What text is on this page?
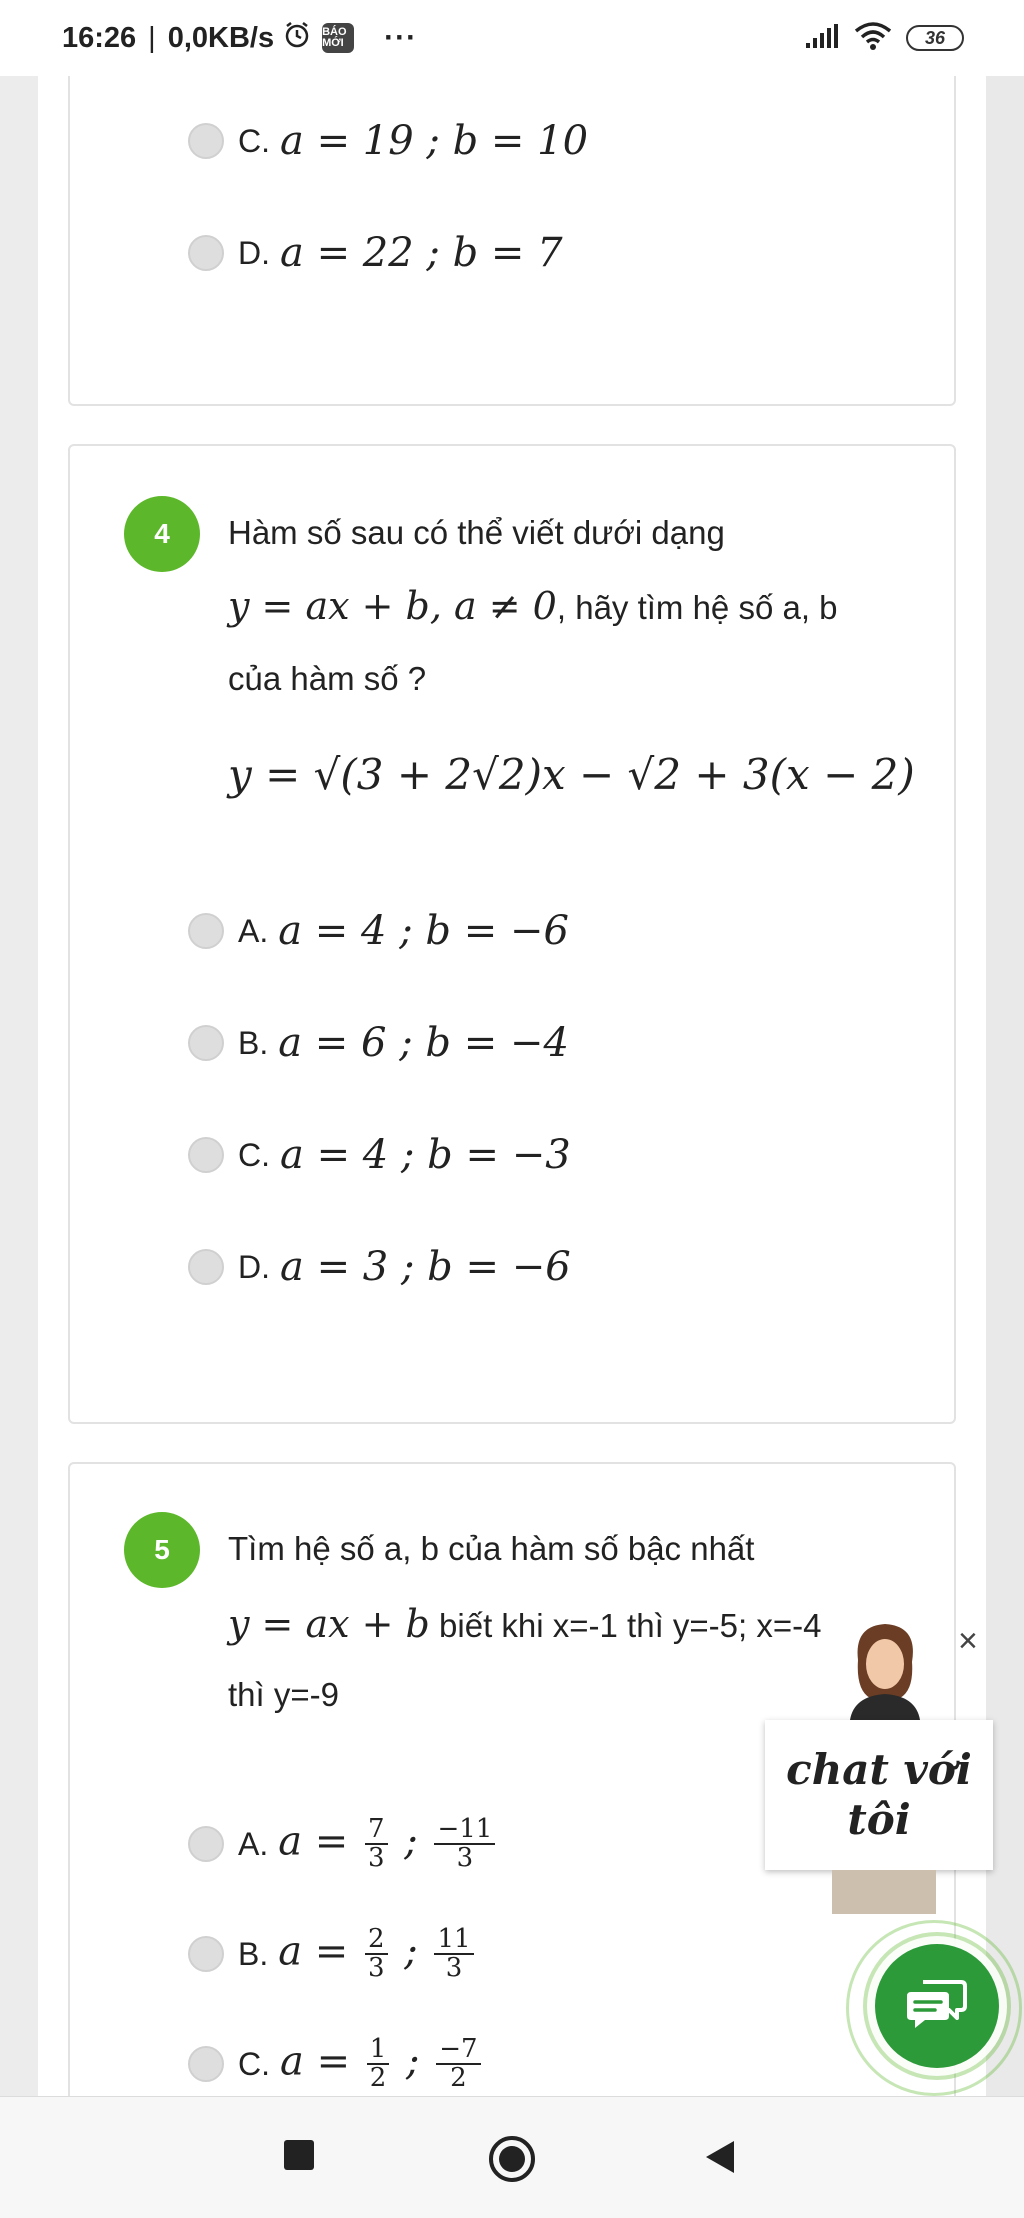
16:26 | 0,0KB/s	BÁO MỚI	···	36
C. a = 19 ; b = 10
D. a = 22 ; b = 7
4	Hàm số sau có thể viết dưới dạng
y = ax + b, a ≠ 0, hãy tìm hệ số a, b
của hàm số ?
y = √(3 + 2√2)x − √2 + 3(x − 2)
A. a = 4 ; b = −6
B. a = 6 ; b = −4
C. a = 4 ; b = −3
D. a = 3 ; b = −6
5	Tìm hệ số a, b của hàm số bậc nhất
y = ax + b biết khi x=-1 thì y=-5; x=-4
thì y=-9
A. $a = \frac{7}{3}$ ; $\frac{-11}{3}$
B. $a = \frac{2}{3}$ ; $\frac{11}{3}$
C. $a = \frac{1}{2}$ ; $\frac{-7}{2}$
×
chat với
tôi
